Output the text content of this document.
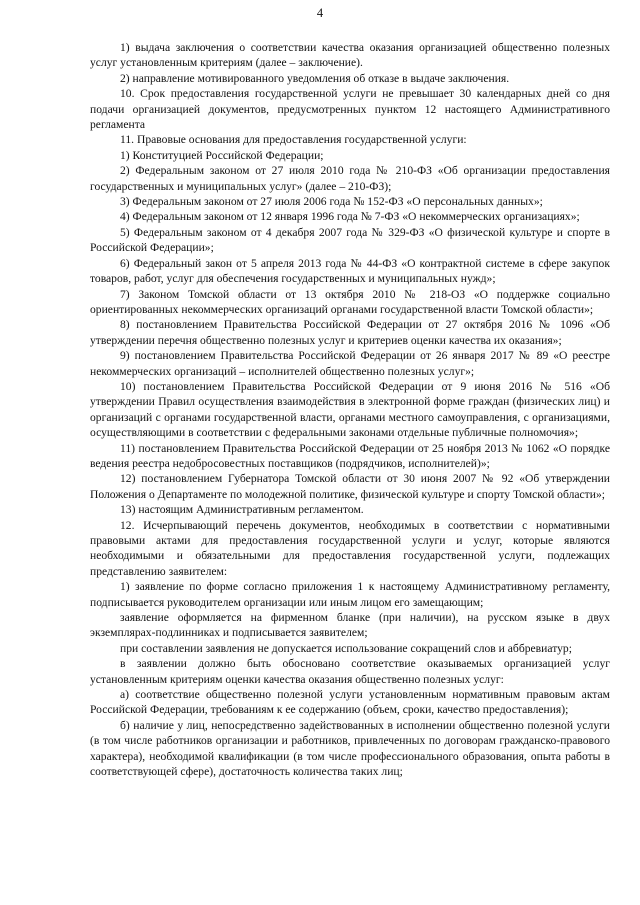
4

1) выдача заключения о соответствии качества оказания организацией общественно полезных услуг установленным критериям (далее – заключение).

2) направление мотивированного уведомления об отказе в выдаче заключения.

10. Срок предоставления государственной услуги не превышает 30 календарных дней со дня подачи организацией документов, предусмотренных пунктом 12 настоящего Административного регламента

11. Правовые основания для предоставления государственной услуги:

1) Конституцией Российской Федерации;

2) Федеральным законом от 27 июля 2010 года № 210-ФЗ «Об организации предоставления государственных и муниципальных услуг» (далее – 210-ФЗ);

3) Федеральным законом от 27 июля 2006 года № 152-ФЗ «О персональных данных»;

4) Федеральным законом от 12 января 1996 года № 7-ФЗ «О некоммерческих организациях»;

5) Федеральным законом от 4 декабря 2007 года № 329-ФЗ «О физической культуре и спорте в Российской Федерации»;

6) Федеральный закон от 5 апреля 2013 года № 44-ФЗ «О контрактной системе в сфере закупок товаров, работ, услуг для обеспечения государственных и муниципальных нужд»;

7) Законом Томской области от 13 октября 2010 № 218-ОЗ «О поддержке социально ориентированных некоммерческих организаций органами государственной власти Томской области»;

8) постановлением Правительства Российской Федерации от 27 октября 2016 № 1096 «Об утверждении перечня общественно полезных услуг и критериев оценки качества их оказания»;

9) постановлением Правительства Российской Федерации от 26 января 2017 № 89 «О реестре некоммерческих организаций – исполнителей общественно полезных услуг»;

10) постановлением Правительства Российской Федерации от 9 июня 2016 № 516 «Об утверждении Правил осуществления взаимодействия в электронной форме граждан (физических лиц) и организаций с органами государственной власти, органами местного самоуправления, с организациями, осуществляющими в соответствии с федеральными законами отдельные публичные полномочия»;

11) постановлением Правительства Российской Федерации от 25 ноября 2013 № 1062 «О порядке ведения реестра недобросовестных поставщиков (подрядчиков, исполнителей)»;

12) постановлением Губернатора Томской области от 30 июня 2007 № 92 «Об утверждении Положения о Департаменте по молодежной политике, физической культуре и спорту Томской области»;

13) настоящим Административным регламентом.

12. Исчерпывающий перечень документов, необходимых в соответствии с нормативными правовыми актами для предоставления государственной услуги и услуг, которые являются необходимыми и обязательными для предоставления государственной услуги, подлежащих представлению заявителем:

1) заявление по форме согласно приложения 1 к настоящему Административному регламенту, подписывается руководителем организации или иным лицом его замещающим;

заявление оформляется на фирменном бланке (при наличии), на русском языке в двух экземплярах-подлинниках и подписывается заявителем;

при составлении заявления не допускается использование сокращений слов и аббревиатур;

в заявлении должно быть обосновано соответствие оказываемых организацией услуг установленным критериям оценки качества оказания общественно полезных услуг:

а) соответствие общественно полезной услуги установленным нормативным правовым актам Российской Федерации, требованиям к ее содержанию (объем, сроки, качество предоставления);

б) наличие у лиц, непосредственно задействованных в исполнении общественно полезной услуги (в том числе работников организации и работников, привлеченных по договорам гражданско-правового характера), необходимой квалификации (в том числе профессионального образования, опыта работы в соответствующей сфере), достаточность количества таких лиц;
